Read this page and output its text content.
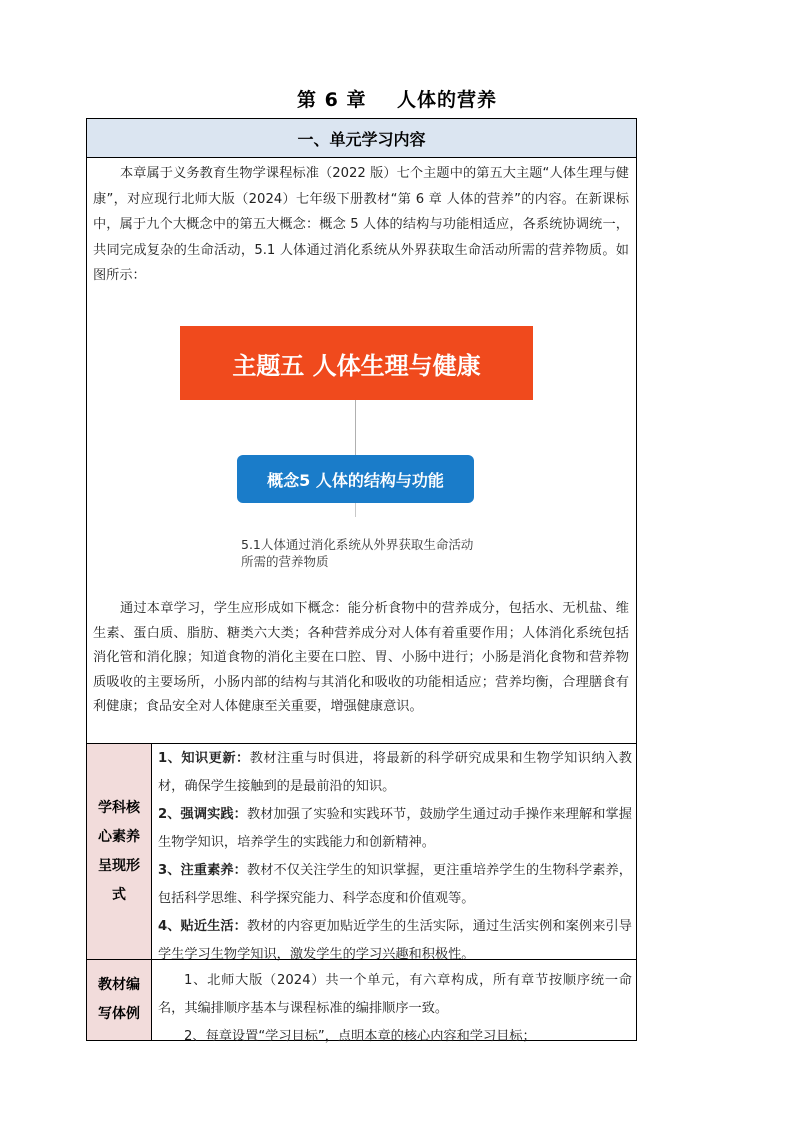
第 6 章    人体的营养
一、单元学习内容
本章属于义务教育生物学课程标准（2022 版）七个主题中的第五大主题“人体生理与健康”，对应现行北师大版（2024）七年级下册教材“第 6 章 人体的营养”的内容。在新课标中，属于九个大概念中的第五大概念：概念 5 人体的结构与功能相适应，各系统协调统一，共同完成复杂的生命活动，5.1 人体通过消化系统从外界获取生命活动所需的营养物质。如图所示：
主题五 人体生理与健康
概念5 人体的结构与功能
5.1人体通过消化系统从外界获取生命活动所需的营养物质
通过本章学习，学生应形成如下概念：能分析食物中的营养成分，包括水、无机盐、维生素、蛋白质、脂肪、糖类六大类；各种营养成分对人体有着重要作用；人体消化系统包括消化管和消化腺；知道食物的消化主要在口腔、胃、小肠中进行；小肠是消化食物和营养物质吸收的主要场所，小肠内部的结构与其消化和吸收的功能相适应；营养均衡，合理膳食有利健康；食品安全对人体健康至关重要，增强健康意识。
学科核心素养呈现形式

1、知识更新：教材注重与时俱进，将最新的科学研究成果和生物学知识纳入教材，确保学生接触到的是最前沿的知识。

2、强调实践：教材加强了实验和实践环节，鼓励学生通过动手操作来理解和掌握生物学知识，培养学生的实践能力和创新精神。

3、注重素养：教材不仅关注学生的知识掌握，更注重培养学生的生物科学素养，包括科学思维、科学探究能力、科学态度和价值观等。

4、贴近生活：教材的内容更加贴近学生的生活实际，通过生活实例和案例来引导学生学习生物学知识，激发学生的学习兴趣和积极性。

教材编写体例

1、北师大版（2024）共一个单元，有六章构成，所有章节按顺序统一命名，其编排顺序基本与课程标准的编排顺序一致。

2、每章设置“学习目标”，点明本章的核心内容和学习目标；
